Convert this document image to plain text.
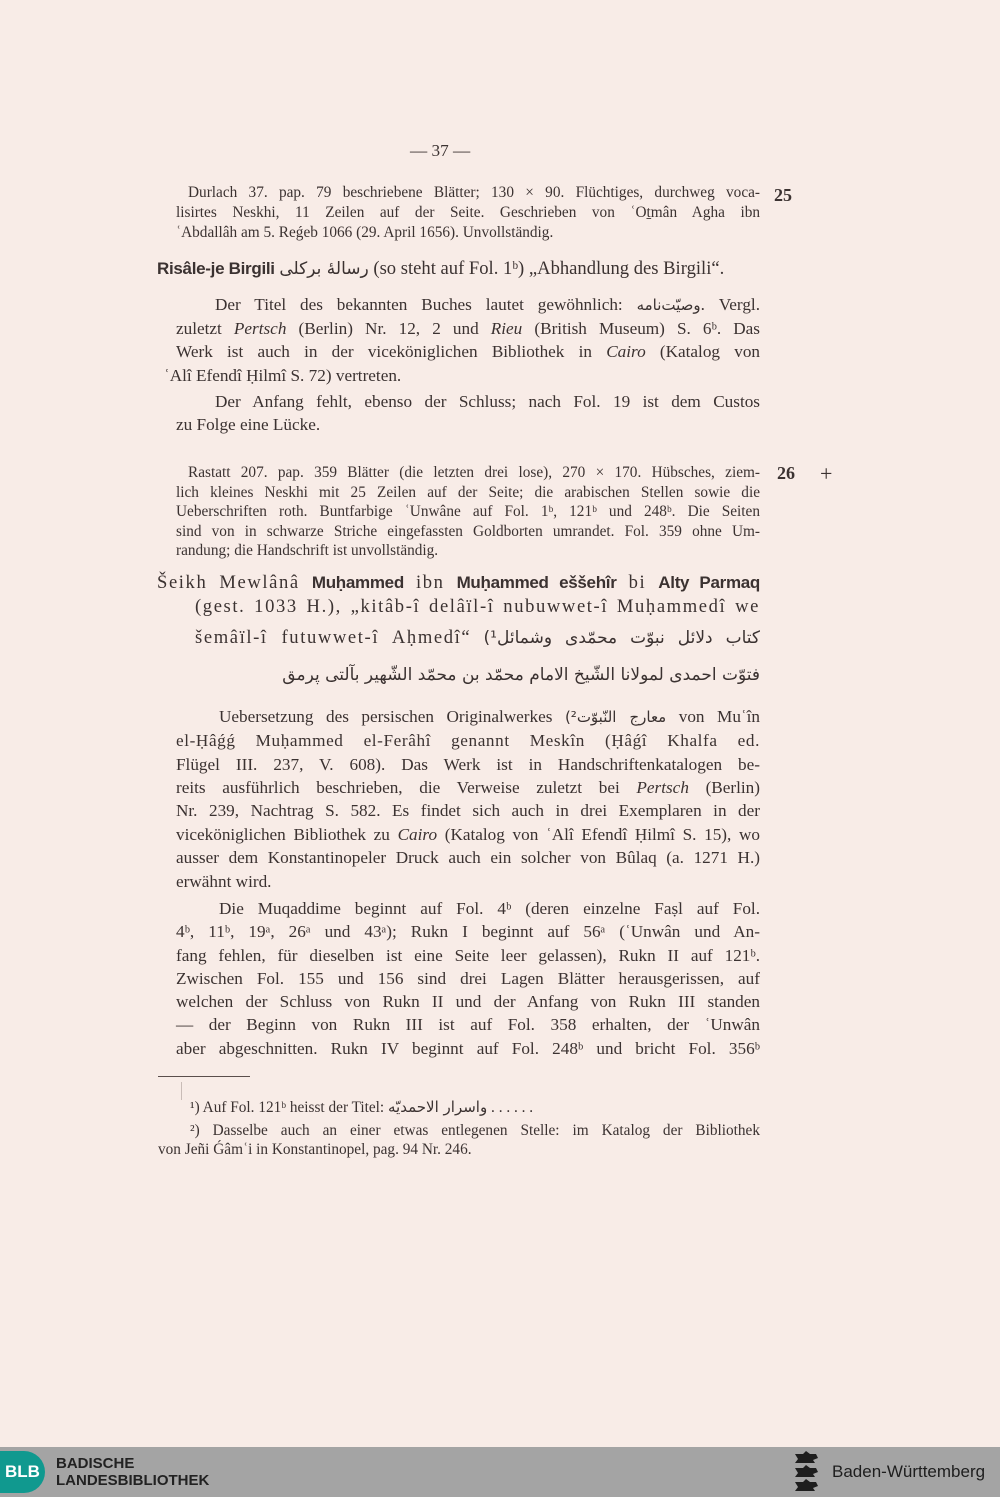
— 37 —
25
Durlach 37. pap. 79 beschriebene Blätter; 130 × 90. Flüchtiges, durchweg voca-
lisirtes Neskhi, 11 Zeilen auf der Seite. Geschrieben von ʿOṯmân Agha ibn
ʿAbdallâh am 5. Reǵeb 1066 (29. April 1656). Unvollständig.
Risâle-je Birgili رسالۀ برکلی (so steht auf Fol. 1ᵇ) „Abhandlung des Birgili“.
Der Titel des bekannten Buches lautet gewöhnlich: وصیّت‌نامه. Vergl.
zuletzt Pertsch (Berlin) Nr. 12, 2 und Rieu (British Museum) S. 6ᵇ. Das
Werk ist auch in der viceköniglichen Bibliothek in Cairo (Katalog von
ʿAlî Efendî Ḥilmî S. 72) vertreten.
Der Anfang fehlt, ebenso der Schluss; nach Fol. 19 ist dem Custos
zu Folge eine Lücke.
26 +
Rastatt 207. pap. 359 Blätter (die letzten drei lose), 270 × 170. Hübsches, ziem-
lich kleines Neskhi mit 25 Zeilen auf der Seite; die arabischen Stellen sowie die
Ueberschriften roth. Buntfarbige ʿUnwâne auf Fol. 1ᵇ, 121ᵇ und 248ᵇ. Die Seiten
sind von in schwarze Striche eingefassten Goldborten umrandet. Fol. 359 ohne Um-
randung; die Handschrift ist unvollständig.
Šeikh Mewlânâ Muḥammed ibn Muḥammed eššehîr bi Alty Parmaq
(gest. 1033 H.), „kitâb-î delâïl-î nubuwwet-î Muḥammedî we
šemâïl-î futuwwet-î Aḥmedî“ کتاب دلائل نبوّت محمّدی وشمائل¹)
فتوّت احمدی لمولانا الشّیخ الامام محمّد بن محمّد الشّهیر بآلتی پرمق
Uebersetzung des persischen Originalwerkes معارج النّبوّت²) von Muʿîn
el-Ḥâǵǵ Muḥammed el-Ferâhî genannt Meskîn (Ḥâǵî Khalfa ed.
Flügel III. 237, V. 608). Das Werk ist in Handschriftenkatalogen be-
reits ausführlich beschrieben, die Verweise zuletzt bei Pertsch (Berlin)
Nr. 239, Nachtrag S. 582. Es findet sich auch in drei Exemplaren in der
viceköniglichen Bibliothek zu Cairo (Katalog von ʿAlî Efendî Ḥilmî S. 15), wo
ausser dem Konstantinopeler Druck auch ein solcher von Bûlaq (a. 1271 H.)
erwähnt wird.
Die Muqaddime beginnt auf Fol. 4ᵇ (deren einzelne Faṣl auf Fol.
4ᵇ, 11ᵇ, 19ᵃ, 26ᵃ und 43ᵃ); Rukn I beginnt auf 56ᵃ (ʿUnwân und An-
fang fehlen, für dieselben ist eine Seite leer gelassen), Rukn II auf 121ᵇ.
Zwischen Fol. 155 und 156 sind drei Lagen Blätter herausgerissen, auf
welchen der Schluss von Rukn II und der Anfang von Rukn III standen
— der Beginn von Rukn III ist auf Fol. 358 erhalten, der ʿUnwân
aber abgeschnitten. Rukn IV beginnt auf Fol. 248ᵇ und bricht Fol. 356ᵇ
¹) Auf Fol. 121ᵇ heisst der Titel: واسرار الاحمدیّه . . . . . .
²) Dasselbe auch an einer etwas entlegenen Stelle: im Katalog der Bibliothek
von Jeñi Ǵâmʿi in Konstantinopel, pag. 94 Nr. 246.
BLB	BADISCHE
LANDESBIBLIOTHEK	Baden-Württemberg
